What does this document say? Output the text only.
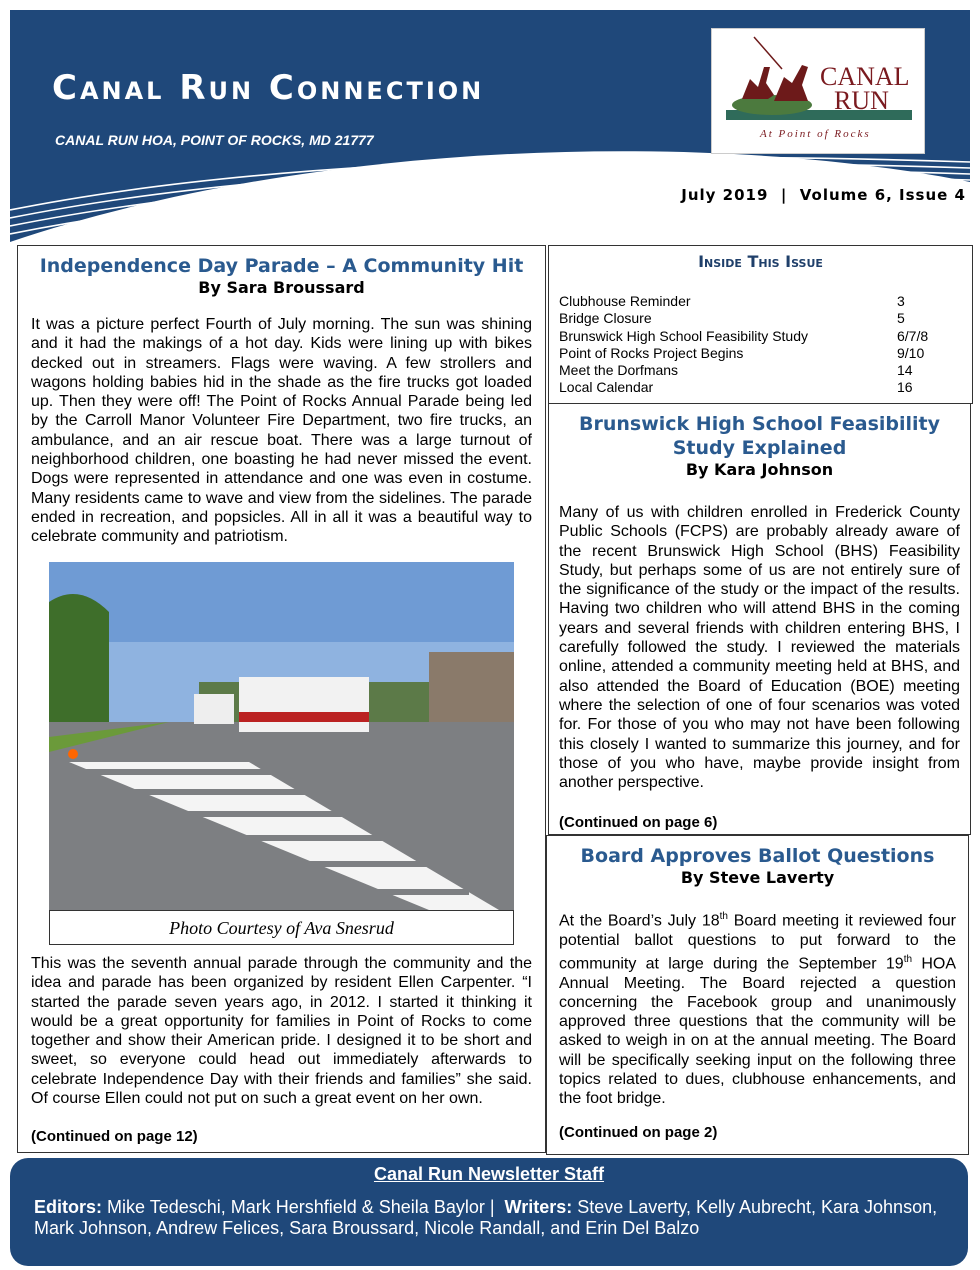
Canal Run Connection
CANAL RUN HOA, POINT OF ROCKS, MD 21777
CANAL
RUN
At Point of Rocks
July 2019  |  Volume 6, Issue 4
Independence Day Parade – A Community Hit
By Sara Broussard

It was a picture perfect Fourth of July morning. The sun was shining and it had the makings of a hot day. Kids were lining up with bikes decked out in streamers. Flags were waving. A few strollers and wagons holding babies hid in the shade as the fire trucks got loaded up. Then they were off! The Point of Rocks Annual Parade being led by the Carroll Manor Volunteer Fire Department, two fire trucks, an ambulance, and an air rescue boat. There was a large turnout of neighborhood children, one boasting he had never missed the event. Dogs were represented in attendance and one was even in costume. Many residents came to wave and view from the sidelines. The parade ended in recreation, and popsicles. All in all it was a beautiful way to celebrate community and patriotism.

This was the seventh annual parade through the community and the idea and parade has been organized by resident Ellen Carpenter. “I started the parade seven years ago, in 2012. I started it thinking it would be a great opportunity for families in Point of Rocks to come together and show their American pride. I designed it to be short and sweet, so everyone could head out immediately afterwards to celebrate Independence Day with their friends and families” she said. Of course Ellen could not put on such a great event on her own.

(Continued on page 12)
Photo Courtesy of Ava Snesrud
Inside This Issue
Clubhouse Reminder	3
Bridge Closure	5
Brunswick High School Feasibility Study	6/7/8
Point of Rocks Project Begins	9/10
Meet the Dorfmans	14
Local Calendar	16
Brunswick High School Feasibility Study Explained
By Kara Johnson

Many of us with children enrolled in Frederick County Public Schools (FCPS) are probably already aware of the recent Brunswick High School (BHS) Feasibility Study, but perhaps some of us are not entirely sure of the significance of the study or the impact of the results. Having two children who will attend BHS in the coming years and several friends with children entering BHS, I carefully followed the study. I reviewed the materials online, attended a community meeting held at BHS, and also attended the Board of Education (BOE) meeting where the selection of one of four scenarios was voted for. For those of you who may not have been following this closely I wanted to summarize this journey, and for those of you who have, maybe provide insight from another perspective.

(Continued on page 6)
Board Approves Ballot Questions
By Steve Laverty

At the Board’s July 18th Board meeting it reviewed four potential ballot questions to put forward to the community at large during the September 19th HOA Annual Meeting. The Board rejected a question concerning the Facebook group and unanimously approved three questions that the community will be asked to weigh in on at the annual meeting. The Board will be specifically seeking input on the following three topics related to dues, clubhouse enhancements, and the foot bridge.

(Continued on page 2)
Canal Run Newsletter Staff
Editors: Mike Tedeschi, Mark Hershfield & Sheila Baylor |  Writers: Steve Laverty, Kelly Aubrecht, Kara Johnson, Mark Johnson, Andrew Felices, Sara Broussard, Nicole Randall, and Erin Del Balzo
